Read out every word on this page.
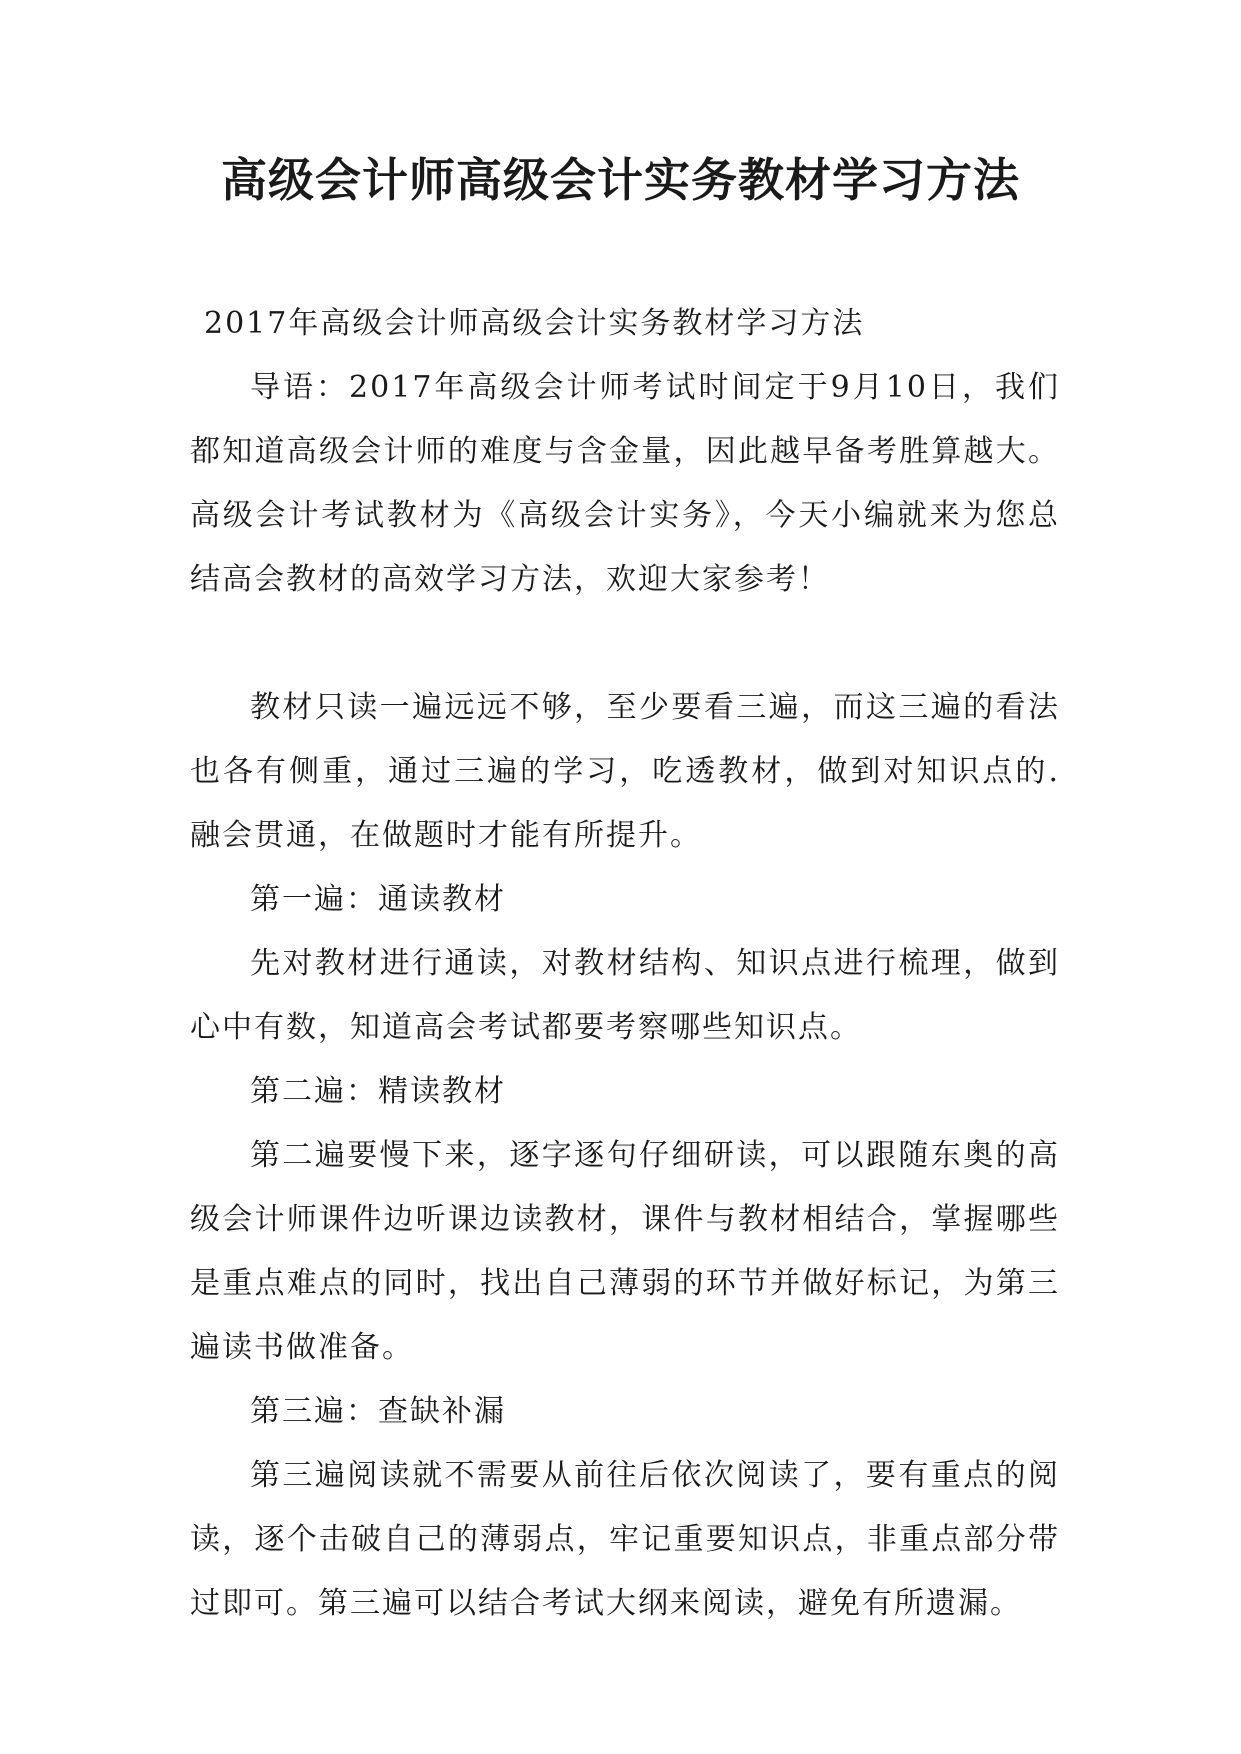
高级会计师高级会计实务教材学习方法

2017年高级会计师高级会计实务教材学习方法

导语：2017年高级会计师考试时间定于9月10日，我们都知道高级会计师的难度与含金量，因此越早备考胜算越大。高级会计考试教材为《高级会计实务》，今天小编就来为您总结高会教材的高效学习方法，欢迎大家参考！

教材只读一遍远远不够，至少要看三遍，而这三遍的看法也各有侧重，通过三遍的学习，吃透教材，做到对知识点的.融会贯通，在做题时才能有所提升。

第一遍：通读教材

先对教材进行通读，对教材结构、知识点进行梳理，做到心中有数，知道高会考试都要考察哪些知识点。

第二遍：精读教材

第二遍要慢下来，逐字逐句仔细研读，可以跟随东奥的高级会计师课件边听课边读教材，课件与教材相结合，掌握哪些是重点难点的同时，找出自己薄弱的环节并做好标记，为第三遍读书做准备。

第三遍：查缺补漏

第三遍阅读就不需要从前往后依次阅读了，要有重点的阅读，逐个击破自己的薄弱点，牢记重要知识点，非重点部分带过即可。第三遍可以结合考试大纲来阅读，避免有所遗漏。
